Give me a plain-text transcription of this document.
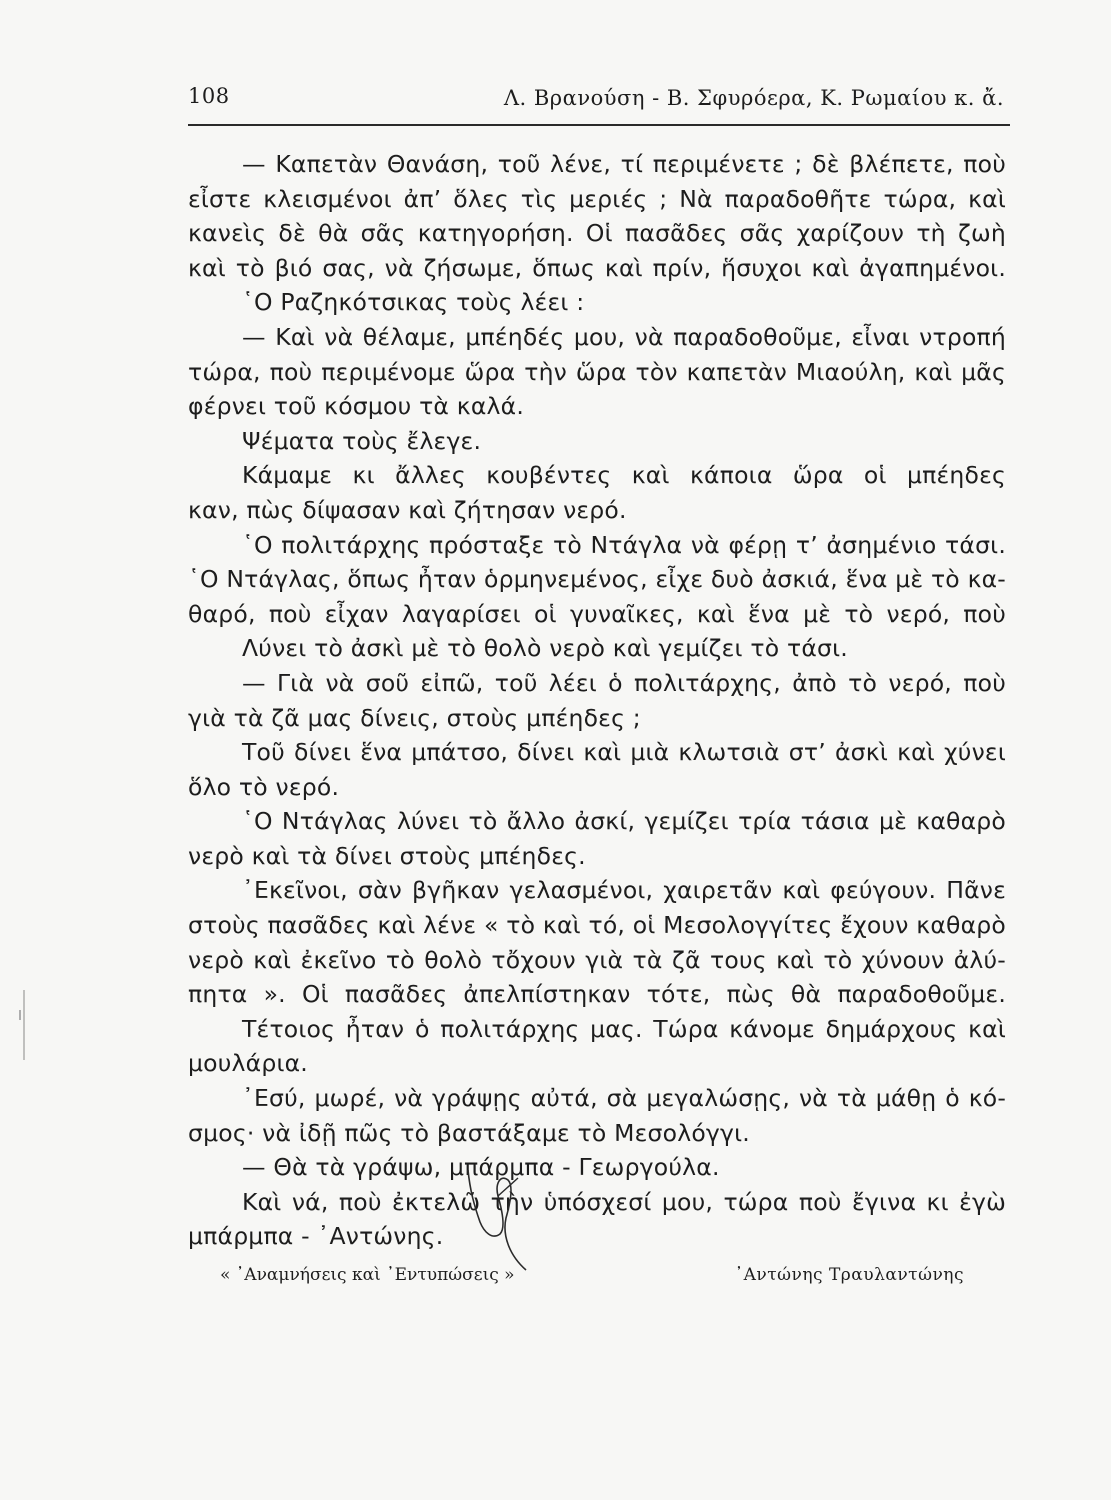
108	Λ. Βρανούση - Β. Σφυρόερα, Κ. Ρωμαίου κ. ἄ.
— Καπετὰν Θανάση, τοῦ λένε, τί περιμένετε ; δὲ βλέπετε, ποὺ
εἶστε κλεισμένοι ἀπ’ ὅλες τὶς μεριές ; Νὰ παραδοθῆτε τώρα, καὶ
κανεὶς δὲ θὰ σᾶς κατηγορήση. Οἱ πασᾶδες σᾶς χαρίζουν τὴ ζωὴ
καὶ τὸ βιό σας, νὰ ζήσωμε, ὅπως καὶ πρίν, ἥσυχοι καὶ ἀγαπημένοι.
῾Ο Ραζηκότσικας τοὺς λέει :
— Καὶ νὰ θέλαμε, μπέηδές μου, νὰ παραδοθοῦμε, εἶναι ντροπή
τώρα, ποὺ περιμένομε ὥρα τὴν ὥρα τὸν καπετὰν Μιαούλη, καὶ μᾶς
φέρνει τοῦ κόσμου τὰ καλά.
Ψέματα τοὺς ἔλεγε.
Κάμαμε κι ἄλλες κουβέντες καὶ κάποια ὥρα οἱ μπέηδες
καν, πὼς δίψασαν καὶ ζήτησαν νερό.
῾Ο πολιτάρχης πρόσταξε τὸ Ντάγλα νὰ φέρῃ τ’ ἀσημένιο τάσι.
῾Ο Ντάγλας, ὅπως ἦταν ὁρμηνεμένος, εἶχε δυὸ ἀσκιά, ἕνα μὲ τὸ κα-
θαρό, ποὺ εἶχαν λαγαρίσει οἱ γυναῖκες, καὶ ἕνα μὲ τὸ νερό, ποὺ
Λύνει τὸ ἀσκὶ μὲ τὸ θολὸ νερὸ καὶ γεμίζει τὸ τάσι.
— Γιὰ νὰ σοῦ εἰπῶ, τοῦ λέει ὁ πολιτάρχης, ἀπὸ τὸ νερό, ποὺ
γιὰ τὰ ζᾶ μας δίνεις, στοὺς μπέηδες ;
Τοῦ δίνει ἕνα μπάτσο, δίνει καὶ μιὰ κλωτσιὰ στ’ ἀσκὶ καὶ χύνει
ὅλο τὸ νερό.
῾Ο Ντάγλας λύνει τὸ ἄλλο ἀσκί, γεμίζει τρία τάσια μὲ καθαρὸ
νερὸ καὶ τὰ δίνει στοὺς μπέηδες.
᾿Εκεῖνοι, σὰν βγῆκαν γελασμένοι, χαιρετᾶν καὶ φεύγουν. Πᾶνε
στοὺς πασᾶδες καὶ λένε « τὸ καὶ τό, οἱ Μεσολογγίτες ἔχουν καθαρὸ
νερὸ καὶ ἐκεῖνο τὸ θολὸ τὄχουν γιὰ τὰ ζᾶ τους καὶ τὸ χύνουν ἀλύ-
πητα ». Οἱ πασᾶδες ἀπελπίστηκαν τότε, πὼς θὰ παραδοθοῦμε.
Τέτοιος ἦταν ὁ πολιτάρχης μας. Τώρα κάνομε δημάρχους καὶ
μουλάρια.
᾿Εσύ, μωρέ, νὰ γράψῃς αὐτά, σὰ μεγαλώσῃς, νὰ τὰ μάθῃ ὁ κό-
σμος· νὰ ἰδῇ πῶς τὸ βαστάξαμε τὸ Μεσολόγγι.
— Θὰ τὰ γράψω, μπάρμπα - Γεωργούλα.
Καὶ νά, ποὺ ἐκτελῶ τὴν ὑπόσχεσί μου, τώρα ποὺ ἔγινα κι ἐγὼ
μπάρμπα - ᾿Αντώνης.
« ᾿Αναμνήσεις καὶ ᾿Εντυπώσεις »	᾿Αντώνης Τραυλαντώνης
